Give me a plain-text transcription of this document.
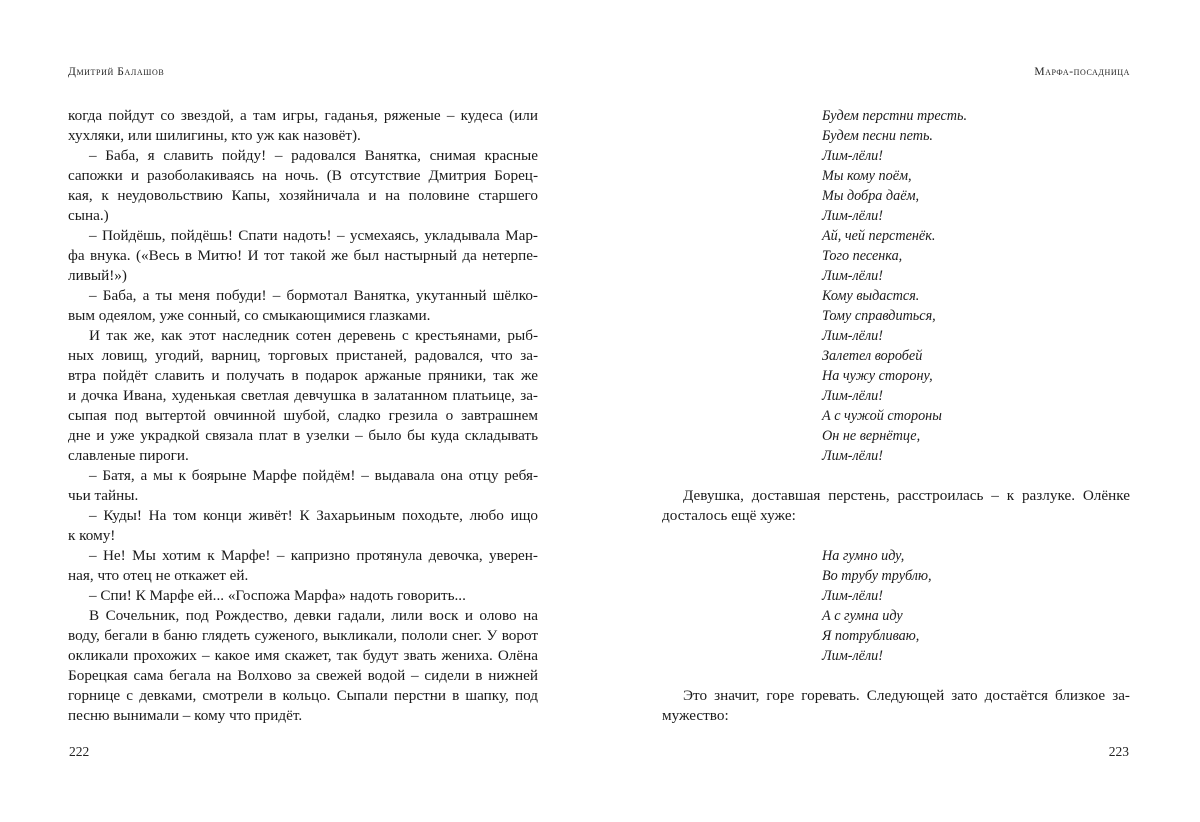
Дмитрий Балашов
когда пойдут со звездой, а там игры, гаданья, ряженые – кудеса (или
хухляки, или шилигины, кто уж как назовёт).
– Баба, я славить пойду! – радовался Ванятка, снимая красные
сапожки и разоболакиваясь на ночь. (В отсутствие Дмитрия Борец-
кая, к неудовольствию Капы, хозяйничала и на половине старшего
сына.)
– Пойдёшь, пойдёшь! Спати надоть! – усмехаясь, укладывала Мар-
фа внука. («Весь в Митю! И тот такой же был настырный да нетерпе-
ливый!»)
– Баба, а ты меня побуди! – бормотал Ванятка, укутанный шёлко-
вым одеялом, уже сонный, со смыкающимися глазками.
И так же, как этот наследник сотен деревень с крестьянами, рыб-
ных ловищ, угодий, варниц, торговых пристаней, радовался, что за-
втра пойдёт славить и получать в подарок аржаные пряники, так же
и дочка Ивана, худенькая светлая девчушка в залатанном платьице, за-
сыпая под вытертой овчинной шубой, сладко грезила о завтрашнем
дне и уже украдкой связала плат в узелки – было бы куда складывать
славленые пироги.
– Батя, а мы к боярыне Марфе пойдём! – выдавала она отцу ребя-
чьи тайны.
– Куды! На том конци живёт! К Захарьиным походьте, любо ищо
к кому!
– Не! Мы хотим к Марфе! – капризно протянула девочка, уверен-
ная, что отец не откажет ей.
– Спи! К Марфе ей... «Госпожа Марфа» надоть говорить...
В Сочельник, под Рождество, девки гадали, лили воск и олово на
воду, бегали в баню глядеть суженого, выкликали, пололи снег. У ворот
окликали прохожих – какое имя скажет, так будут звать жениха. Олёна
Борецкая сама бегала на Волхово за свежей водой – сидели в нижней
горнице с девками, смотрели в кольцо. Сыпали перстни в шапку, под
песню вынимали – кому что придёт.
222
Марфа-посадница
Будем перстни тресть.
Будем песни петь.
Лим-лёли!
Мы кому поём,
Мы добра даём,
Лим-лёли!
Ай, чей перстенёк.
Того песенка,
Лим-лёли!
Кому выдастся.
Тому справдиться,
Лим-лёли!
Залетел воробей
На чужу сторону,
Лим-лёли!
А с чужой стороны
Он не вернётце,
Лим-лёли!
Девушка, доставшая перстень, расстроилась – к разлуке. Олёнке
досталось ещё хуже:
На гумно иду,
Во трубу трублю,
Лим-лёли!
А с гумна иду
Я потрубливаю,
Лим-лёли!
Это значит, горе горевать. Следующей зато достаётся близкое за-
мужество:
223
